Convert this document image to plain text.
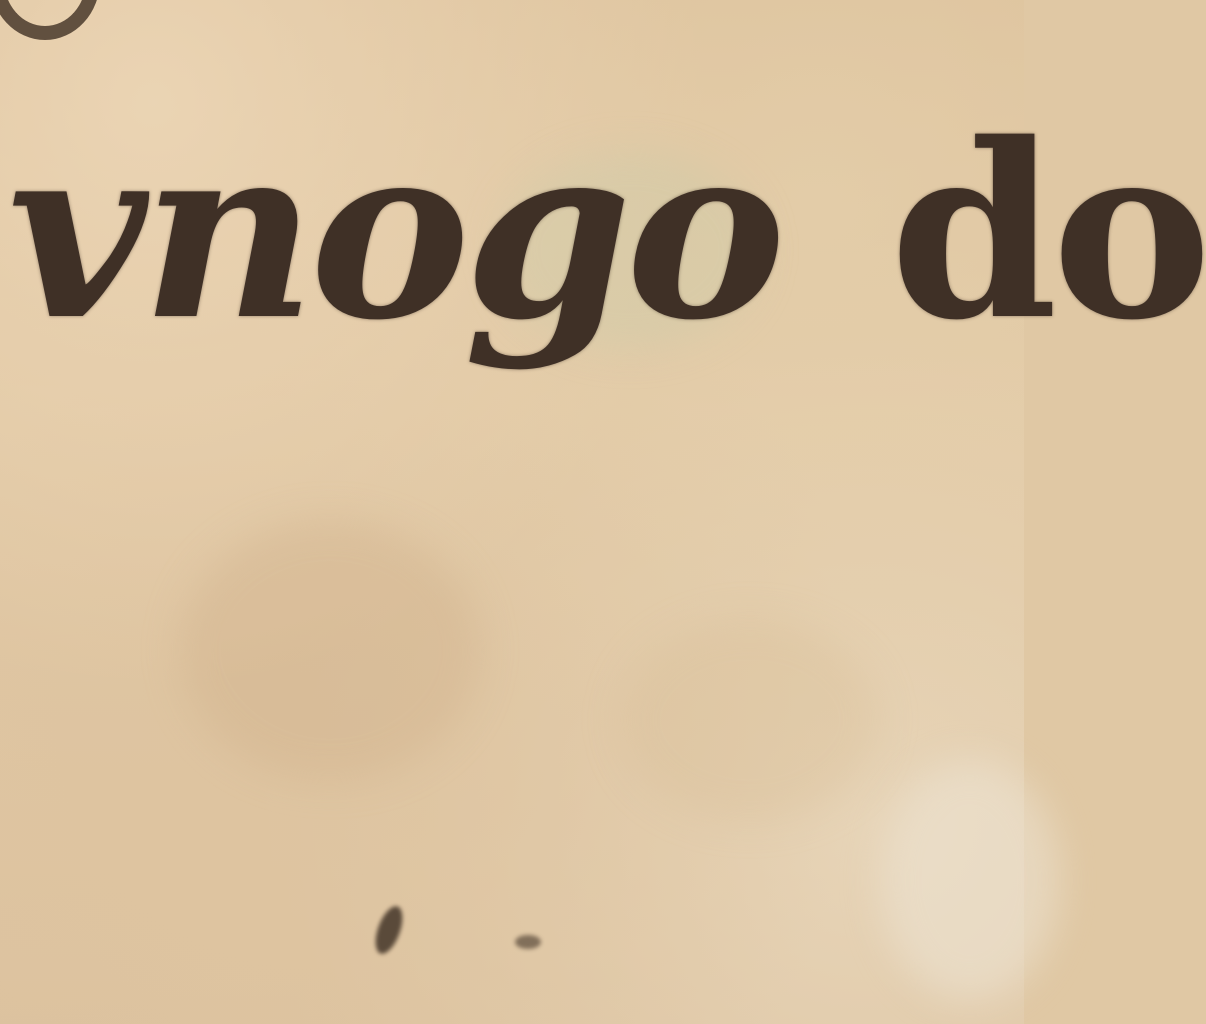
vnogo do
